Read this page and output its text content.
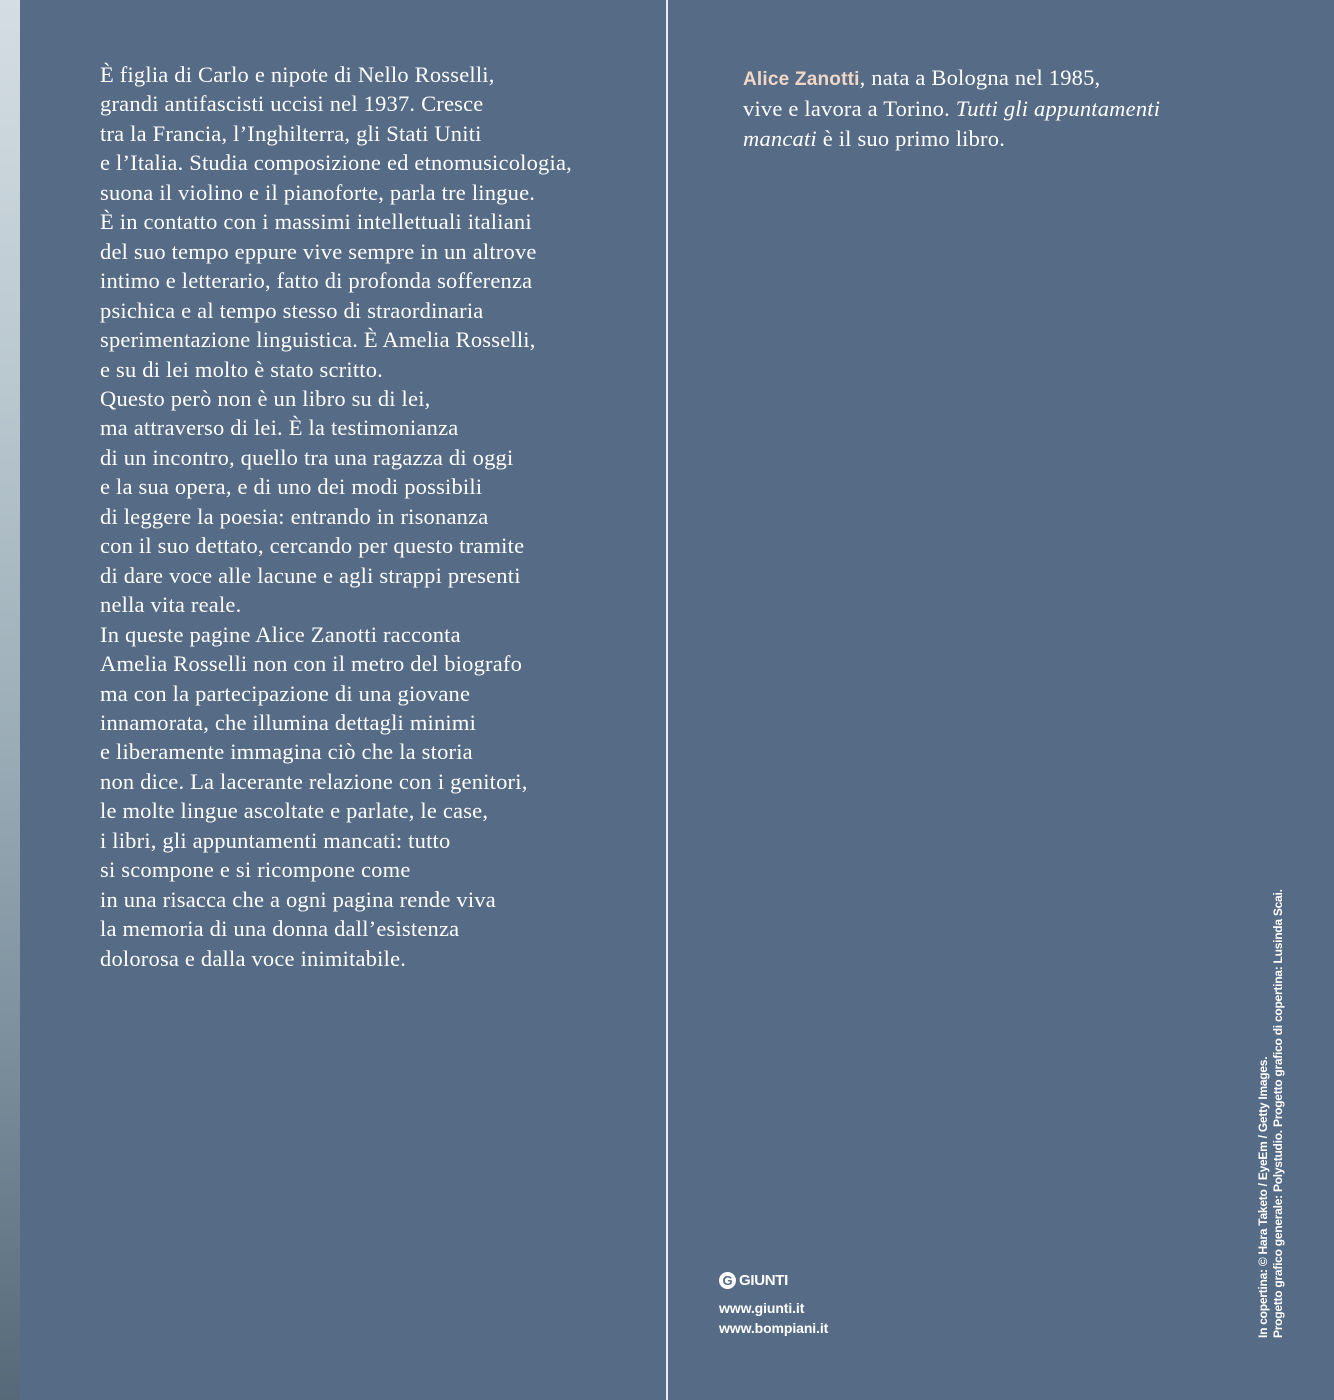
È figlia di Carlo e nipote di Nello Rosselli,
grandi antifascisti uccisi nel 1937. Cresce
tra la Francia, l’Inghilterra, gli Stati Uniti
e l’Italia. Studia composizione ed etnomusicologia,
suona il violino e il pianoforte, parla tre lingue.
È in contatto con i massimi intellettuali italiani
del suo tempo eppure vive sempre in un altrove
intimo e letterario, fatto di profonda sofferenza
psichica e al tempo stesso di straordinaria
sperimentazione linguistica. È Amelia Rosselli,
e su di lei molto è stato scritto.
Questo però non è un libro su di lei,
ma attraverso di lei. È la testimonianza
di un incontro, quello tra una ragazza di oggi
e la sua opera, e di uno dei modi possibili
di leggere la poesia: entrando in risonanza
con il suo dettato, cercando per questo tramite
di dare voce alle lacune e agli strappi presenti
nella vita reale.
In queste pagine Alice Zanotti racconta
Amelia Rosselli non con il metro del biografo
ma con la partecipazione di una giovane
innamorata, che illumina dettagli minimi
e liberamente immagina ciò che la storia
non dice. La lacerante relazione con i genitori,
le molte lingue ascoltate e parlate, le case,
i libri, gli appuntamenti mancati: tutto
si scompone e si ricompone come
in una risacca che a ogni pagina rende viva
la memoria di una donna dall’esistenza
dolorosa e dalla voce inimitabile.
Alice Zanotti, nata a Bologna nel 1985,
vive e lavora a Torino. Tutti gli appuntamenti
mancati è il suo primo libro.
G GIUNTI
www.giunti.it
www.bompiani.it	In copertina: © Hara Taketo / EyeEm / Getty Images. Progetto grafico generale: Polystudio. Progetto grafico di copertina: Lusinda Scai.
